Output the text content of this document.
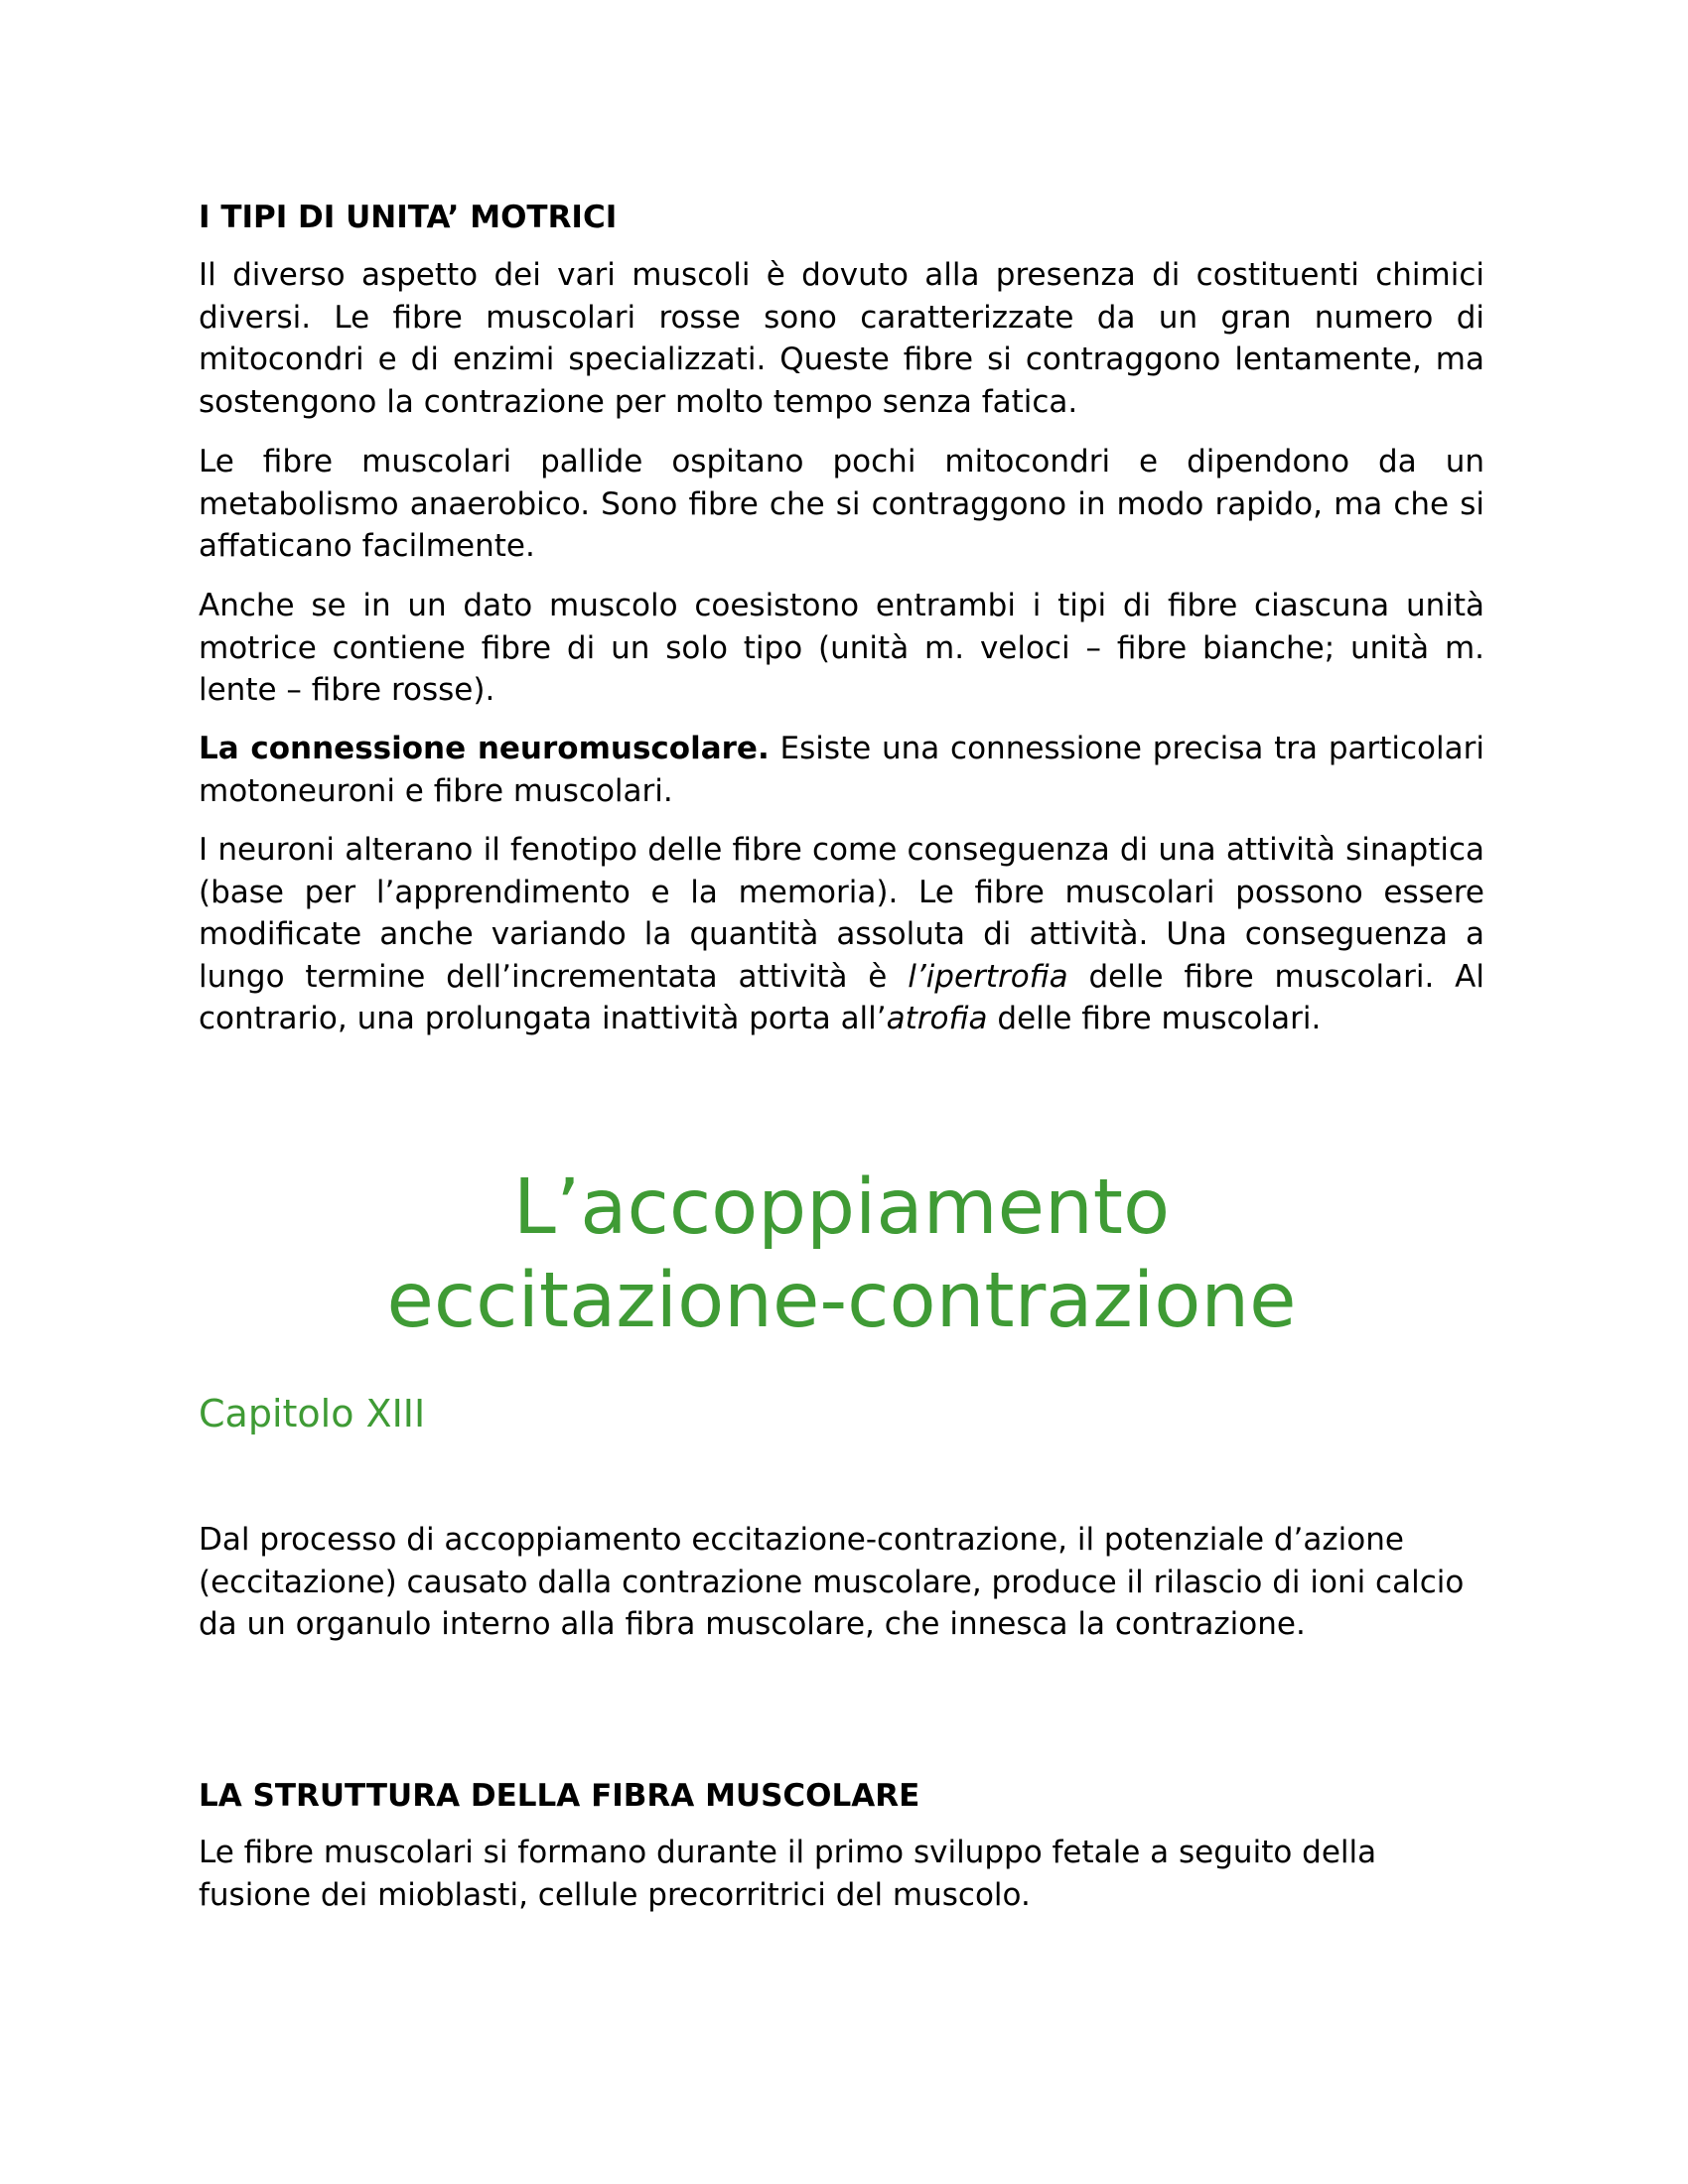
I TIPI DI UNITA’ MOTRICI

Il diverso aspetto dei vari muscoli è dovuto alla presenza di costituenti chimici diversi. Le fibre muscolari rosse sono caratterizzate da un gran numero di mitocondri e di enzimi specializzati. Queste fibre si contraggono lentamente, ma sostengono la contrazione per molto tempo senza fatica.

Le fibre muscolari pallide ospitano pochi mitocondri e dipendono da un metabolismo anaerobico. Sono fibre che si contraggono in modo rapido, ma che si affaticano facilmente.

Anche se in un dato muscolo coesistono entrambi i tipi di fibre ciascuna unità motrice contiene fibre di un solo tipo (unità m. veloci – fibre bianche; unità m. lente – fibre rosse).

La connessione neuromuscolare. Esiste una connessione precisa tra particolari motoneuroni e fibre muscolari.

I neuroni alterano il fenotipo delle fibre come conseguenza di una attività sinaptica (base per l’apprendimento e la memoria). Le fibre muscolari possono essere modificate anche variando la quantità assoluta di attività. Una conseguenza a lungo termine dell’incrementata attività è l’ipertrofia delle fibre muscolari. Al contrario, una prolungata inattività porta all’atrofia delle fibre muscolari.

L’accoppiamento
eccitazione-contrazione
Capitolo XIII

Dal processo di accoppiamento eccitazione-contrazione, il potenziale d’azione (eccitazione) causato dalla contrazione muscolare, produce il rilascio di ioni calcio da un organulo interno alla fibra muscolare, che innesca la contrazione.

LA STRUTTURA DELLA FIBRA MUSCOLARE

Le fibre muscolari si formano durante il primo sviluppo fetale a seguito della fusione dei mioblasti, cellule precorritrici del muscolo.
